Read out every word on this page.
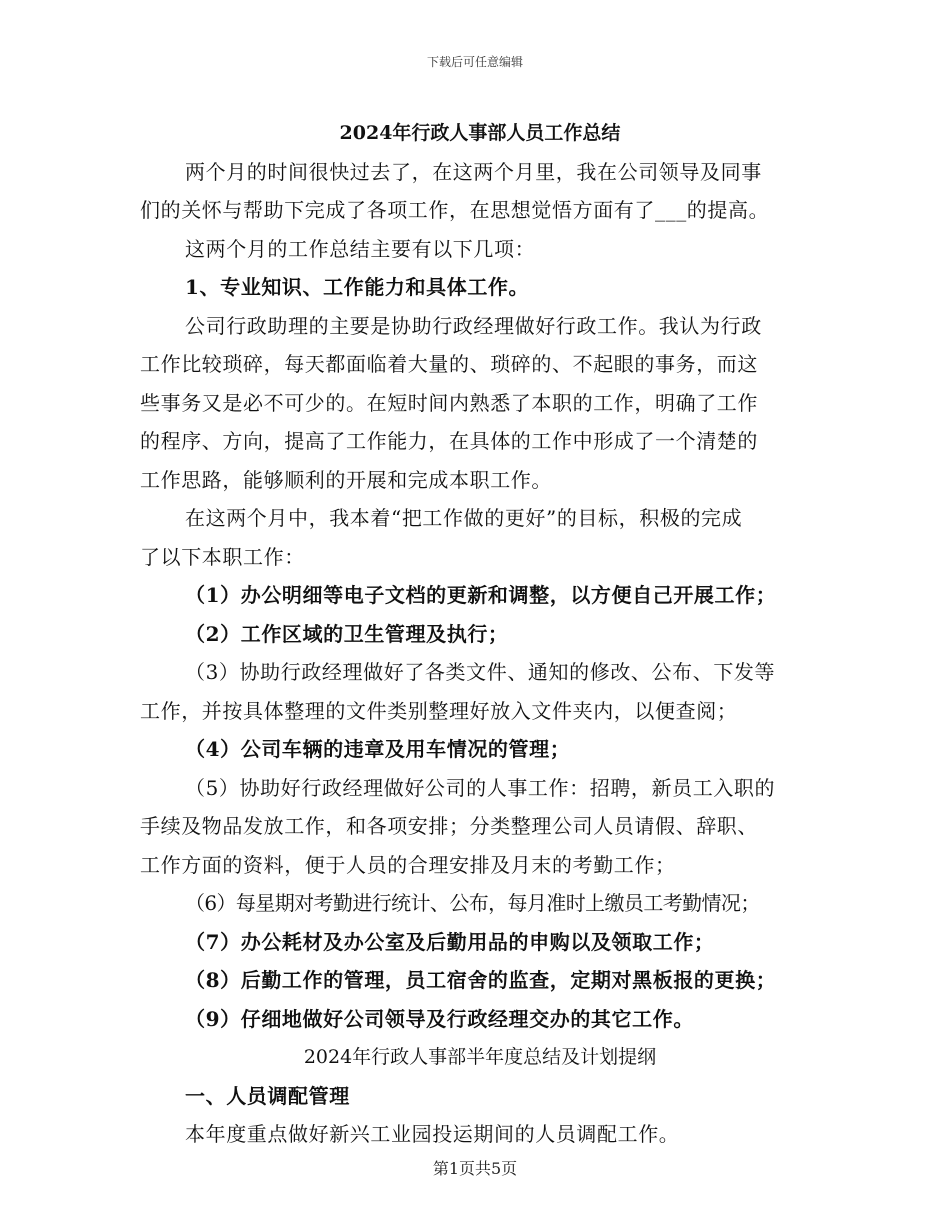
下载后可任意编辑
2024年行政人事部人员工作总结
两个月的时间很快过去了，在这两个月里，我在公司领导及同事
们的关怀与帮助下完成了各项工作，在思想觉悟方面有了___的提高。
这两个月的工作总结主要有以下几项：
1、专业知识、工作能力和具体工作。
公司行政助理的主要是协助行政经理做好行政工作。我认为行政
工作比较琐碎，每天都面临着大量的、琐碎的、不起眼的事务，而这
些事务又是必不可少的。在短时间内熟悉了本职的工作，明确了工作
的程序、方向，提高了工作能力，在具体的工作中形成了一个清楚的
工作思路，能够顺利的开展和完成本职工作。
在这两个月中，我本着“把工作做的更好”的目标，积极的完成
了以下本职工作：
（1）办公明细等电子文档的更新和调整，以方便自己开展工作；
（2）工作区域的卫生管理及执行；
（3）协助行政经理做好了各类文件、通知的修改、公布、下发等
工作，并按具体整理的文件类别整理好放入文件夹内，以便查阅；
（4）公司车辆的违章及用车情况的管理；
（5）协助好行政经理做好公司的人事工作：招聘，新员工入职的
手续及物品发放工作，和各项安排；分类整理公司人员请假、辞职、
工作方面的资料，便于人员的合理安排及月末的考勤工作；
（6）每星期对考勤进行统计、公布，每月准时上缴员工考勤情况；
（7）办公耗材及办公室及后勤用品的申购以及领取工作；
（8）后勤工作的管理，员工宿舍的监查，定期对黑板报的更换；
（9）仔细地做好公司领导及行政经理交办的其它工作。
2024年行政人事部半年度总结及计划提纲
一、人员调配管理
本年度重点做好新兴工业园投运期间的人员调配工作。
第1页共5页
